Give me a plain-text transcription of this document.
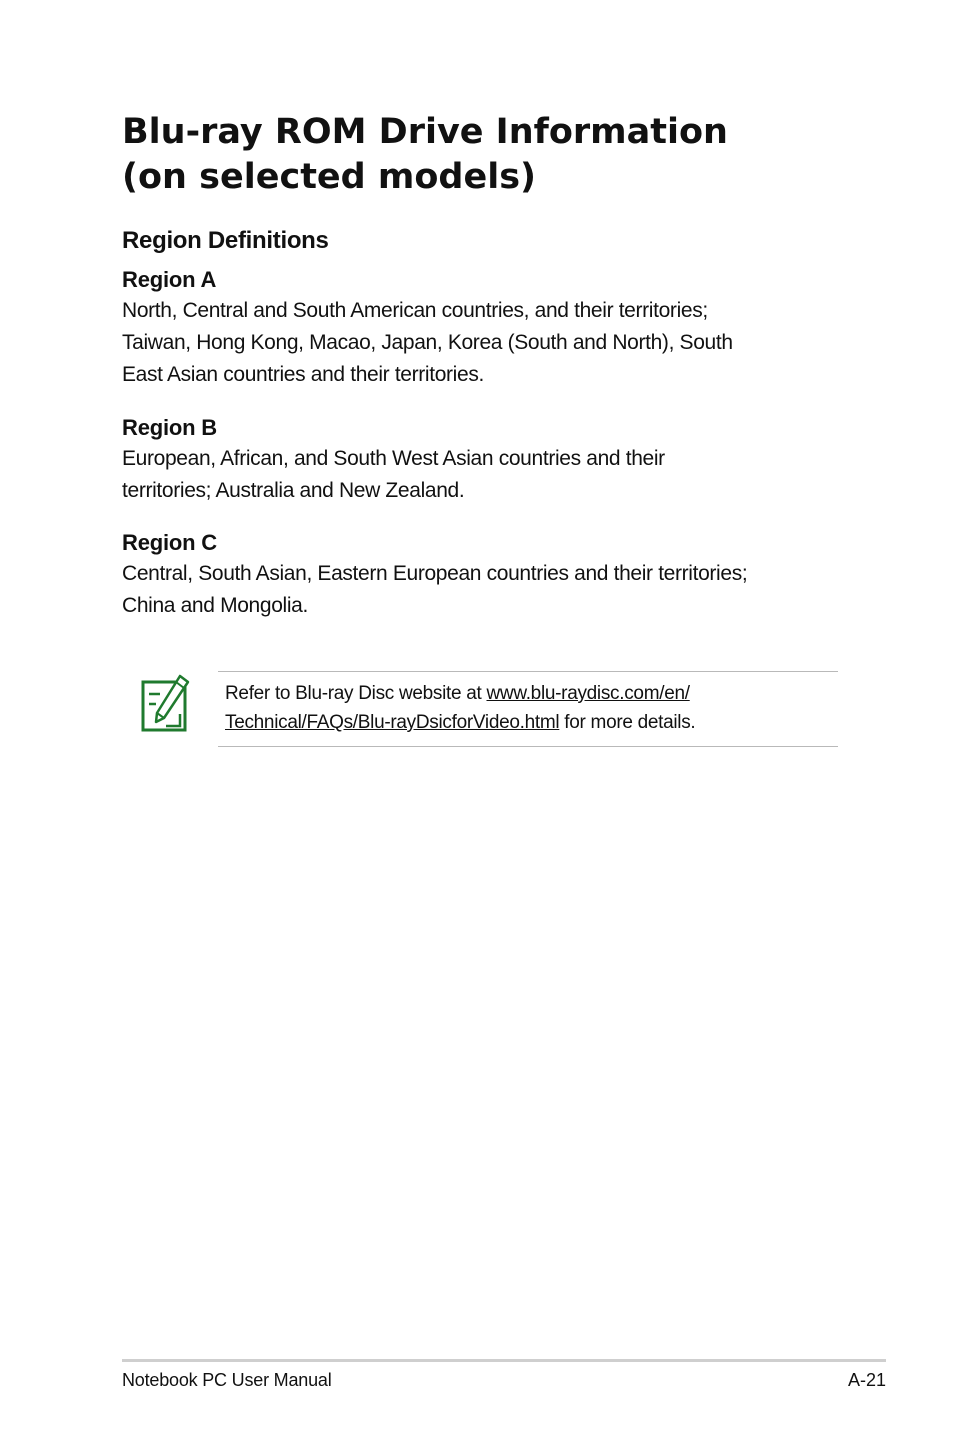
Blu-ray ROM Drive Information
(on selected models)
Region Definitions
Region A

North, Central and South American countries, and their territories;
Taiwan, Hong Kong, Macao, Japan, Korea (South and North), South
East Asian countries and their territories.

Region B

European, African, and South West Asian countries and their
territories; Australia and New Zealand.

Region C

Central, South Asian, Eastern European countries and their territories;
China and Mongolia.

Refer to Blu-ray Disc website at www.blu-raydisc.com/en/
Technical/FAQs/Blu-rayDsicforVideo.html for more details.

Notebook PC User Manual	A-21
